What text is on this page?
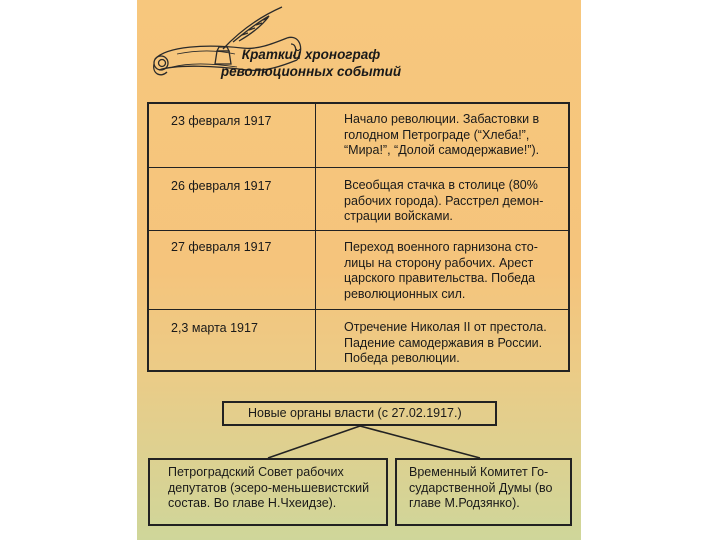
Краткий хронограф
революционных событий
23 февраля 1917	Начало революции. Забастовки в
голодном Петрограде (“Хлеба!”,
“Мира!”, “Долой самодержавие!”).
26 февраля 1917	Всеобщая стачка в столице (80%
рабочих города). Расстрел демон-
страции войсками.
27 февраля 1917	Переход военного гарнизона сто-
лицы на сторону рабочих. Арест
царского правительства. Победа
революционных сил.
2,3 марта 1917	Отречение Николая II от престола.
Падение самодержавия в России.
Победа революции.
Новые органы власти (с 27.02.1917.)
Петроградский Совет рабочих
депутатов (эсеро-меньшевистский
состав. Во главе Н.Чхеидзе).
Временный Комитет Го-
сударственной Думы (во
главе М.Родзянко).
